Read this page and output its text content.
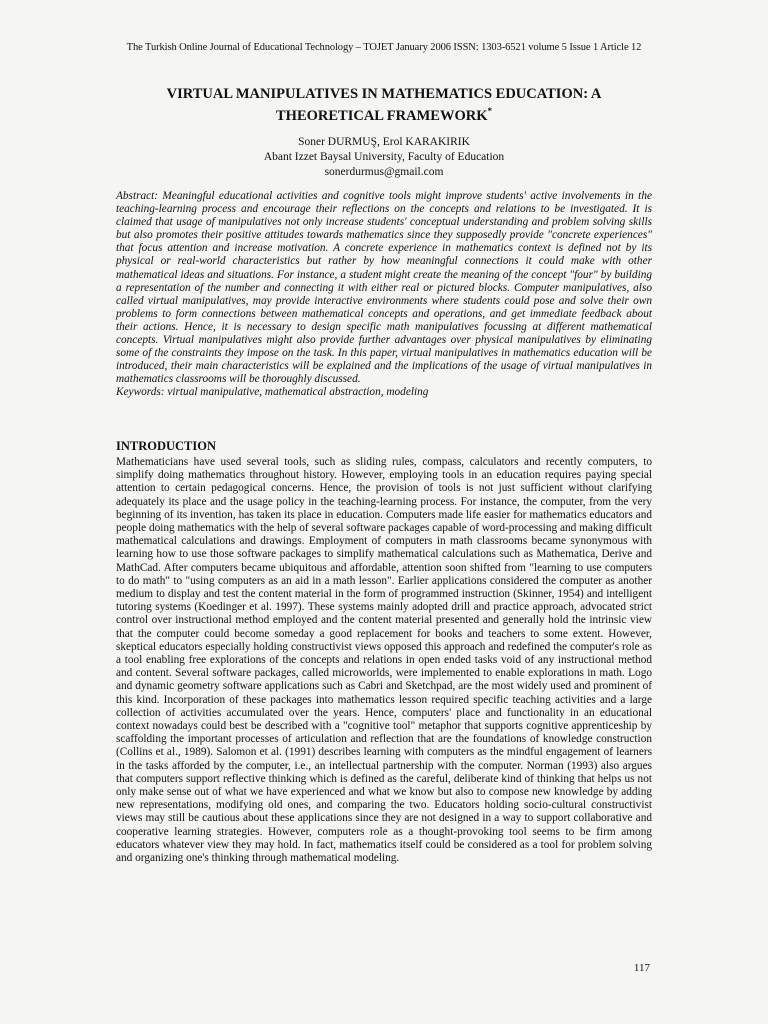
The Turkish Online Journal of Educational Technology – TOJET January 2006 ISSN: 1303-6521 volume 5 Issue 1 Article 12
VIRTUAL MANIPULATIVES IN MATHEMATICS EDUCATION: A
THEORETICAL FRAMEWORK*
Soner DURMUŞ, Erol KARAKIRIK
Abant Izzet Baysal University, Faculty of Education
sonerdurmus@gmail.com

Abstract: Meaningful educational activities and cognitive tools might improve students' active involvements in the teaching-learning process and encourage their reflections on the concepts and relations to be investigated. It is claimed that usage of manipulatives not only increase students' conceptual understanding and problem solving skills but also promotes their positive attitudes towards mathematics since they supposedly provide "concrete experiences" that focus attention and increase motivation. A concrete experience in mathematics context is defined not by its physical or real-world characteristics but rather by how meaningful connections it could make with other mathematical ideas and situations. For instance, a student might create the meaning of the concept "four" by building a representation of the number and connecting it with either real or pictured blocks. Computer manipulatives, also called virtual manipulatives, may provide interactive environments where students could pose and solve their own problems to form connections between mathematical concepts and operations, and get immediate feedback about their actions. Hence, it is necessary to design specific math manipulatives focussing at different mathematical concepts. Virtual manipulatives might also provide further advantages over physical manipulatives by eliminating some of the constraints they impose on the task. In this paper, virtual manipulatives in mathematics education will be introduced, their main characteristics will be explained and the implications of the usage of virtual manipulatives in mathematics classrooms will be thoroughly discussed.

Keywords: virtual manipulative, mathematical abstraction, modeling

INTRODUCTION

Mathematicians have used several tools, such as sliding rules, compass, calculators and recently computers, to simplify doing mathematics throughout history. However, employing tools in an education requires paying special attention to certain pedagogical concerns. Hence, the provision of tools is not just sufficient without clarifying adequately its place and the usage policy in the teaching-learning process. For instance, the computer, from the very beginning of its invention, has taken its place in education. Computers made life easier for mathematics educators and people doing mathematics with the help of several software packages capable of word-processing and making difficult mathematical calculations and drawings. Employment of computers in math classrooms became synonymous with learning how to use those software packages to simplify mathematical calculations such as Mathematica, Derive and MathCad. After computers became ubiquitous and affordable, attention soon shifted from "learning to use computers to do math" to "using computers as an aid in a math lesson". Earlier applications considered the computer as another medium to display and test the content material in the form of programmed instruction (Skinner, 1954) and intelligent tutoring systems (Koedinger et al. 1997). These systems mainly adopted drill and practice approach, advocated strict control over instructional method employed and the content material presented and generally hold the intrinsic view that the computer could become someday a good replacement for books and teachers to some extent. However, skeptical educators especially holding constructivist views opposed this approach and redefined the computer's role as a tool enabling free explorations of the concepts and relations in open ended tasks void of any instructional method and content. Several software packages, called microworlds, were implemented to enable explorations in math. Logo and dynamic geometry software applications such as Cabri and Sketchpad, are the most widely used and prominent of this kind. Incorporation of these packages into mathematics lesson required specific teaching activities and a large collection of activities accumulated over the years. Hence, computers' place and functionality in an educational context nowadays could best be described with a "cognitive tool" metaphor that supports cognitive apprenticeship by scaffolding the important processes of articulation and reflection that are the foundations of knowledge construction (Collins et al., 1989). Salomon et al. (1991) describes learning with computers as the mindful engagement of learners in the tasks afforded by the computer, i.e., an intellectual partnership with the computer. Norman (1993) also argues that computers support reflective thinking which is defined as the careful, deliberate kind of thinking that helps us not only make sense out of what we have experienced and what we know but also to compose new knowledge by adding new representations, modifying old ones, and comparing the two. Educators holding socio-cultural constructivist views may still be cautious about these applications since they are not designed in a way to support collaborative and cooperative learning strategies. However, computers role as a thought-provoking tool seems to be firm among educators whatever view they may hold. In fact, mathematics itself could be considered as a tool for problem solving and organizing one's thinking through mathematical modeling.

117
